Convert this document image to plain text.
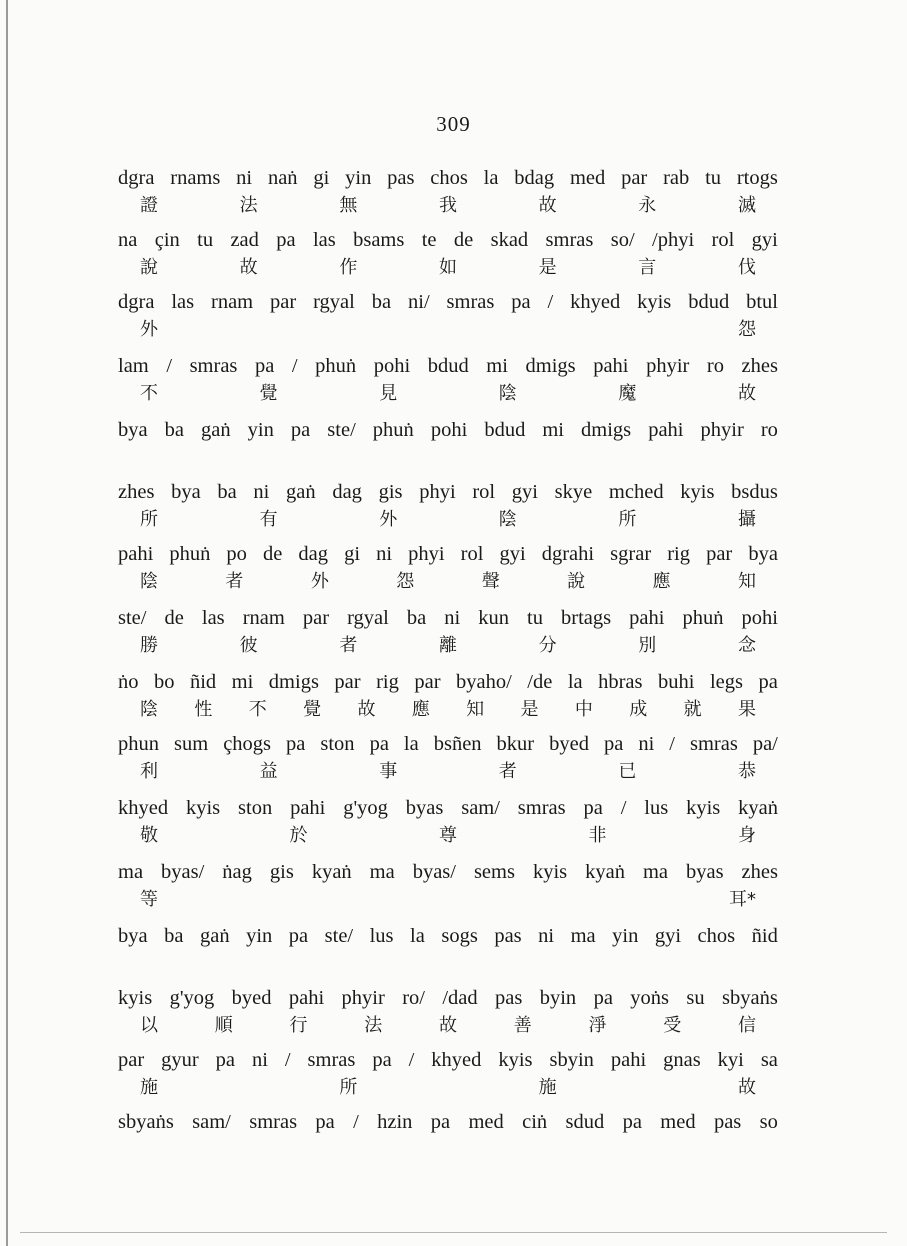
309
dgra rnams ni naṅ gi yin pas chos la bdag med par rab tu rtogs
證	法	無	我	故	永	滅
na çin tu zad pa las bsams te de skad smras so/ /phyi rol gyi
說	故	作	如	是	言	伐
dgra las rnam par rgyal ba ni/ smras pa / khyed kyis bdud btul
外	怨
lam / smras pa / phuṅ pohi bdud mi dmigs pahi phyir ro zhes
不	覺	見	陰	魔	故
bya ba gaṅ yin pa ste/ phuṅ pohi bdud mi dmigs pahi phyir ro
zhes bya ba ni gaṅ dag gis phyi rol gyi skye mched kyis bsdus
所	有	外	陰	所	攝
pahi phuṅ po de dag gi ni phyi rol gyi dgrahi sgrar rig par bya
陰	者	外	怨	聲	說	應	知
ste/ de las rnam par rgyal ba ni kun tu brtags pahi phuṅ pohi
勝	彼	者	離	分	別	念
ṅo bo ñid mi dmigs par rig par byaho/ /de la hbras buhi legs pa
陰 性 不 覺 故 應 知 是 中 成 就 果
phun sum çhogs pa ston pa la bsñen bkur byed pa ni / smras pa/
利	益	事	者	已	恭
khyed kyis ston pahi g'yog byas sam/ smras pa / lus kyis kyaṅ
敬	於	尊	非	身
ma byas/ ṅag gis kyaṅ ma byas/ sems kyis kyaṅ ma byas zhes
等	耳*
bya ba gaṅ yin pa ste/ lus la sogs pas ni ma yin gyi chos ñid
kyis g'yog byed pahi phyir ro/ /dad pas byin pa yoṅs su sbyaṅs
以	順	行	法	故	善	淨	受	信
par gyur pa ni / smras pa / khyed kyis sbyin pahi gnas kyi sa
施	所	施	故
sbyaṅs sam/ smras pa / hzin pa med ciṅ sdud pa med pas so
